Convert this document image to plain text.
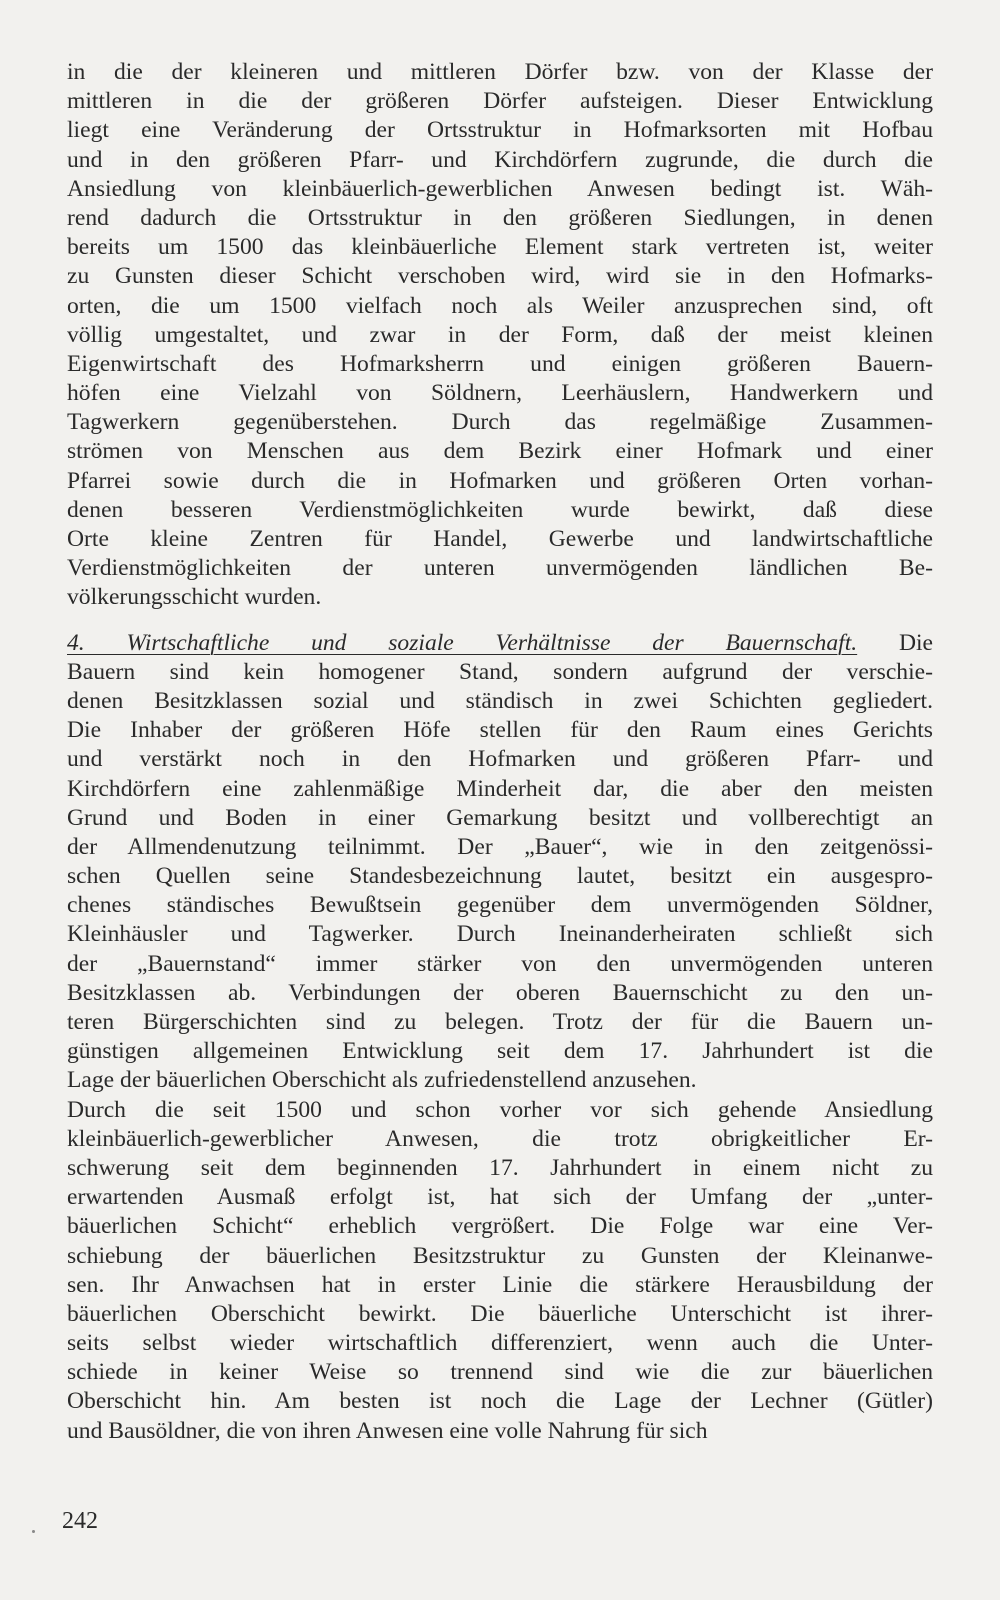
in die der kleineren und mittleren Dörfer bzw. von der Klasse der
mittleren in die der größeren Dörfer aufsteigen. Dieser Entwicklung
liegt eine Veränderung der Ortsstruktur in Hofmarksorten mit Hofbau
und in den größeren Pfarr- und Kirchdörfern zugrunde, die durch die
Ansiedlung von kleinbäuerlich-gewerblichen Anwesen bedingt ist. Wäh-
rend dadurch die Ortsstruktur in den größeren Siedlungen, in denen
bereits um 1500 das kleinbäuerliche Element stark vertreten ist, weiter
zu Gunsten dieser Schicht verschoben wird, wird sie in den Hofmarks-
orten, die um 1500 vielfach noch als Weiler anzusprechen sind, oft
völlig umgestaltet, und zwar in der Form, daß der meist kleinen
Eigenwirtschaft des Hofmarksherrn und einigen größeren Bauern-
höfen eine Vielzahl von Söldnern, Leerhäuslern, Handwerkern und
Tagwerkern gegenüberstehen. Durch das regelmäßige Zusammen-
strömen von Menschen aus dem Bezirk einer Hofmark und einer
Pfarrei sowie durch die in Hofmarken und größeren Orten vorhan-
denen besseren Verdienstmöglichkeiten wurde bewirkt, daß diese
Orte kleine Zentren für Handel, Gewerbe und landwirtschaftliche
Verdienstmöglichkeiten der unteren unvermögenden ländlichen Be-
völkerungsschicht wurden.
4. Wirtschaftliche und soziale Verhältnisse der Bauernschaft. Die
Bauern sind kein homogener Stand, sondern aufgrund der verschie-
denen Besitzklassen sozial und ständisch in zwei Schichten gegliedert.
Die Inhaber der größeren Höfe stellen für den Raum eines Gerichts
und verstärkt noch in den Hofmarken und größeren Pfarr- und
Kirchdörfern eine zahlenmäßige Minderheit dar, die aber den meisten
Grund und Boden in einer Gemarkung besitzt und vollberechtigt an
der Allmendenutzung teilnimmt. Der „Bauer“, wie in den zeitgenössi-
schen Quellen seine Standesbezeichnung lautet, besitzt ein ausgespro-
chenes ständisches Bewußtsein gegenüber dem unvermögenden Söldner,
Kleinhäusler und Tagwerker. Durch Ineinanderheiraten schließt sich
der „Bauernstand“ immer stärker von den unvermögenden unteren
Besitzklassen ab. Verbindungen der oberen Bauernschicht zu den un-
teren Bürgerschichten sind zu belegen. Trotz der für die Bauern un-
günstigen allgemeinen Entwicklung seit dem 17. Jahrhundert ist die
Lage der bäuerlichen Oberschicht als zufriedenstellend anzusehen.
Durch die seit 1500 und schon vorher vor sich gehende Ansiedlung
kleinbäuerlich-gewerblicher Anwesen, die trotz obrigkeitlicher Er-
schwerung seit dem beginnenden 17. Jahrhundert in einem nicht zu
erwartenden Ausmaß erfolgt ist, hat sich der Umfang der „unter-
bäuerlichen Schicht“ erheblich vergrößert. Die Folge war eine Ver-
schiebung der bäuerlichen Besitzstruktur zu Gunsten der Kleinanwe-
sen. Ihr Anwachsen hat in erster Linie die stärkere Herausbildung der
bäuerlichen Oberschicht bewirkt. Die bäuerliche Unterschicht ist ihrer-
seits selbst wieder wirtschaftlich differenziert, wenn auch die Unter-
schiede in keiner Weise so trennend sind wie die zur bäuerlichen
Oberschicht hin. Am besten ist noch die Lage der Lechner (Gütler)
und Bausöldner, die von ihren Anwesen eine volle Nahrung für sich
242
